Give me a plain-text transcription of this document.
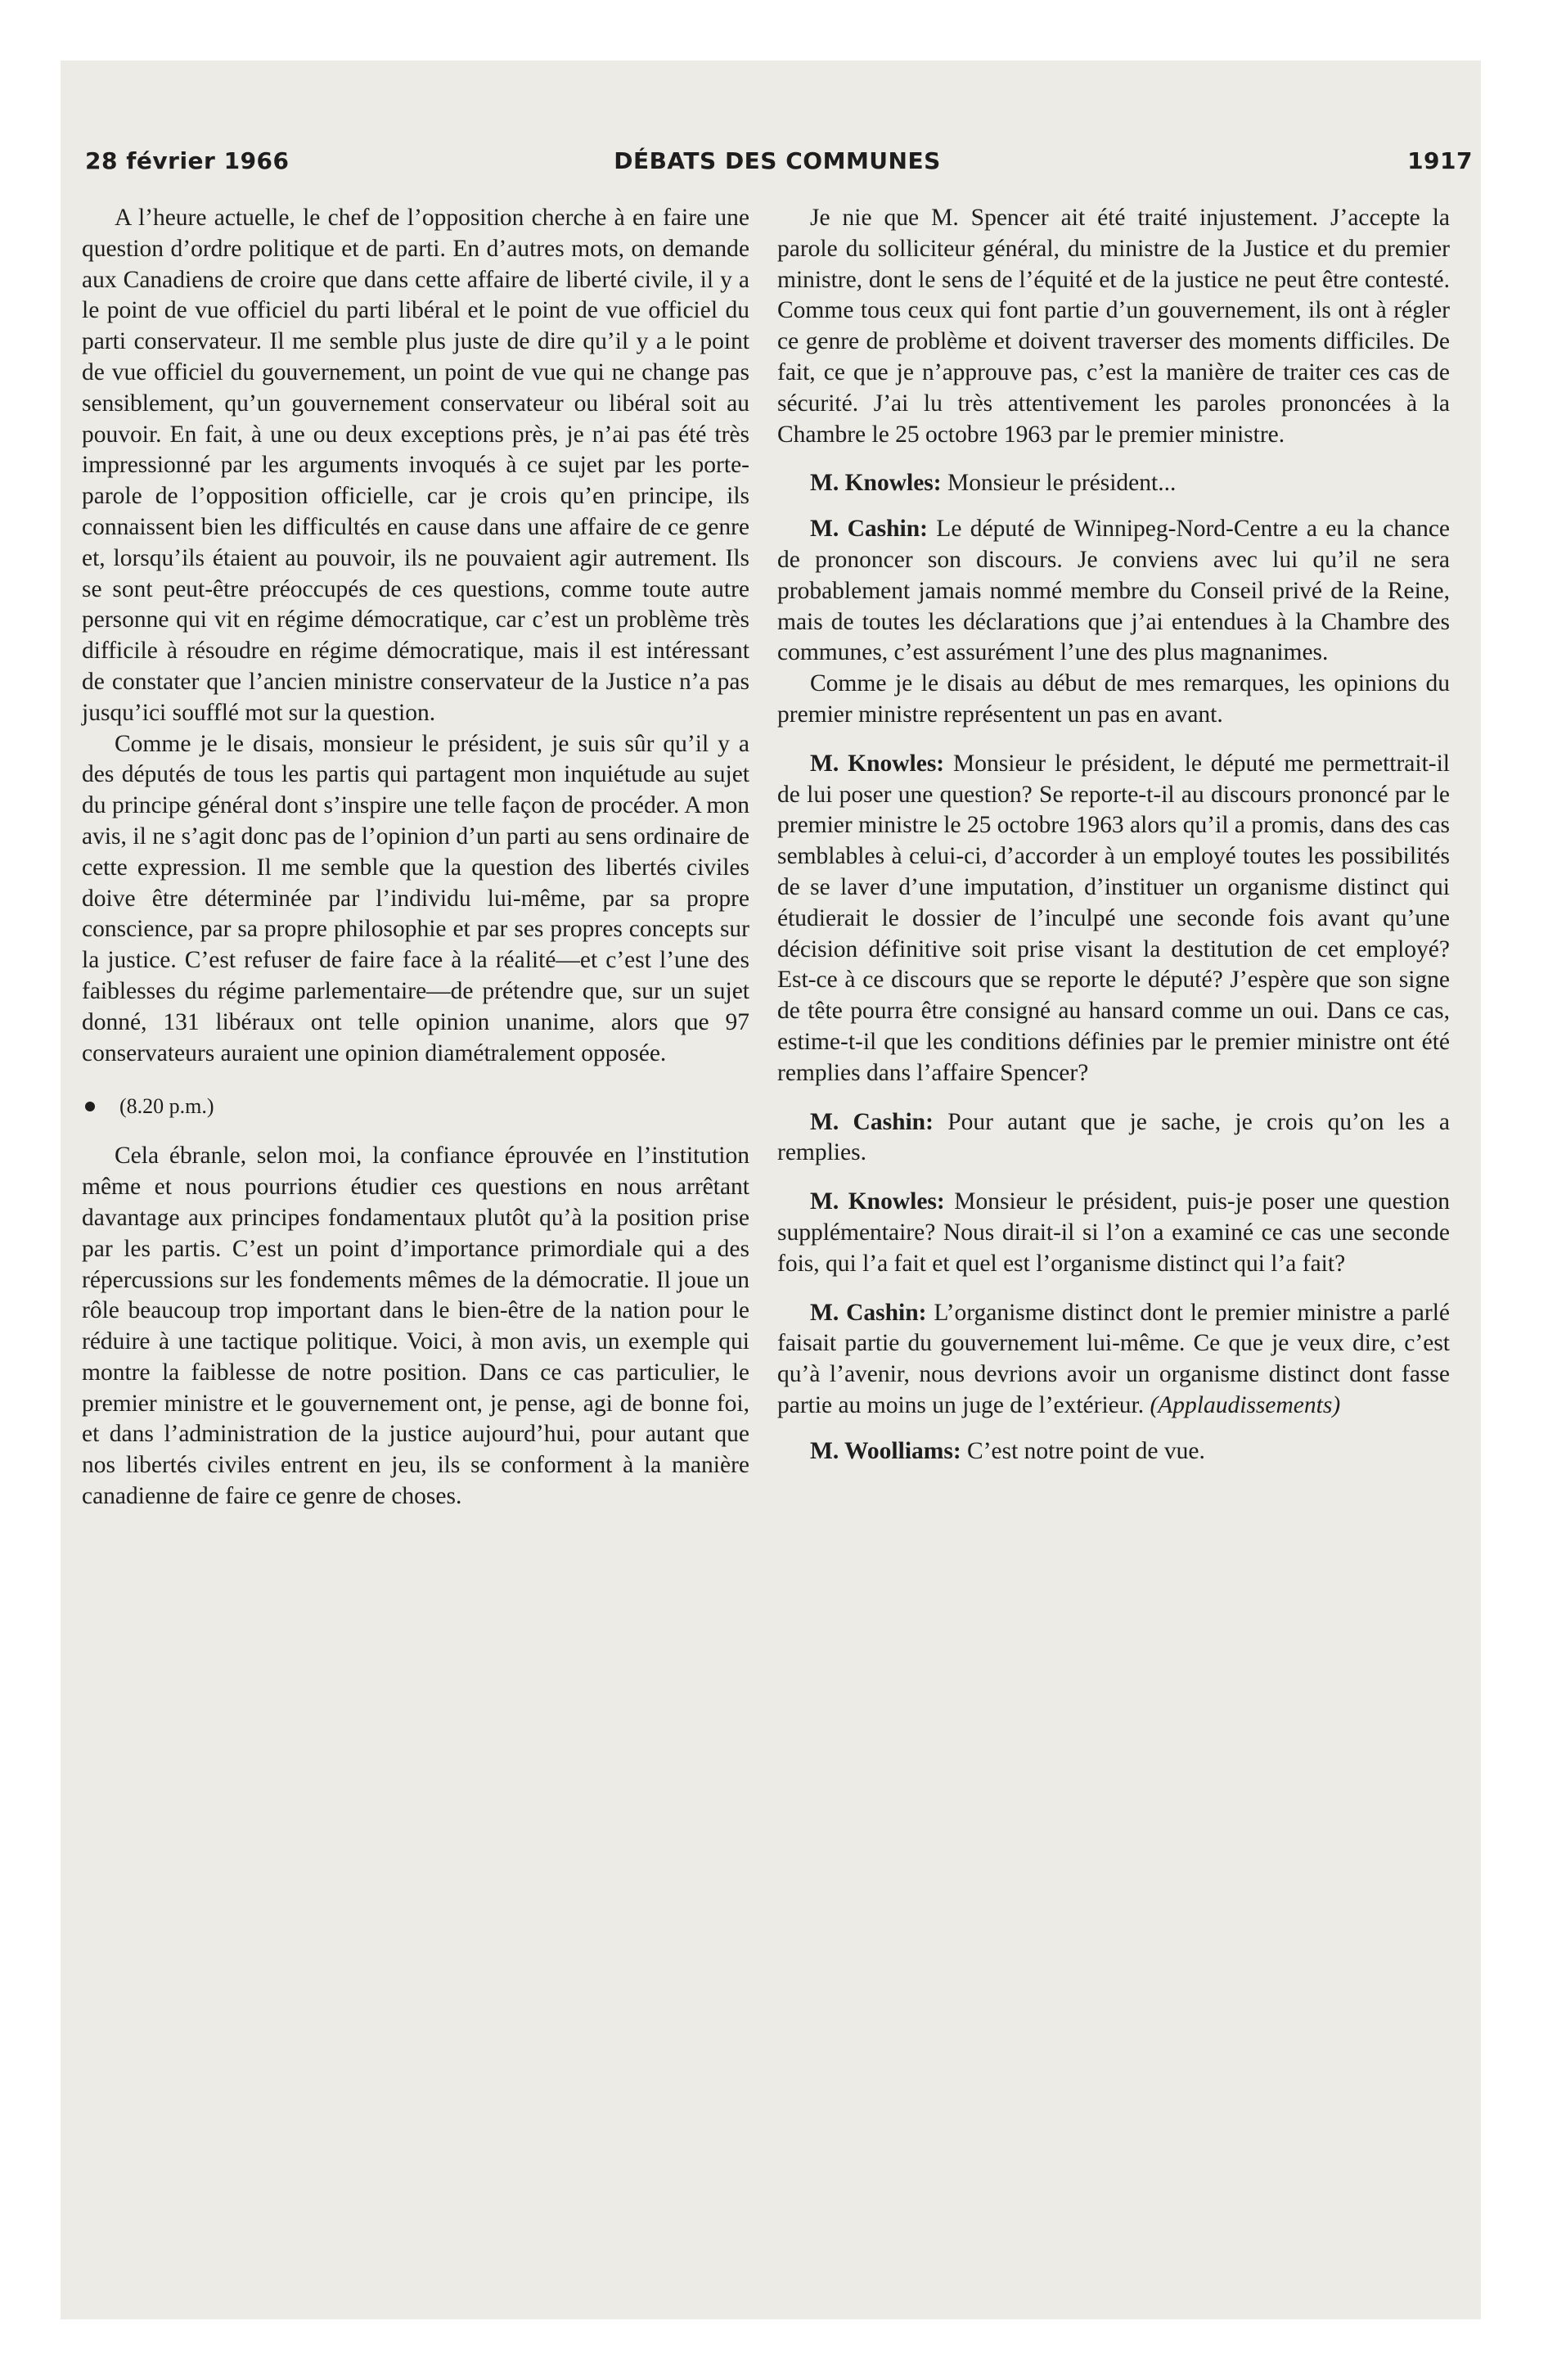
28 février 1966	DÉBATS DES COMMUNES	1917

A l’heure actuelle, le chef de l’opposition cherche à en faire une question d’ordre politique et de parti. En d’autres mots, on demande aux Canadiens de croire que dans cette affaire de liberté civile, il y a le point de vue officiel du parti libéral et le point de vue officiel du parti conservateur. Il me semble plus juste de dire qu’il y a le point de vue officiel du gouvernement, un point de vue qui ne change pas sensiblement, qu’un gouvernement conservateur ou libéral soit au pouvoir. En fait, à une ou deux exceptions près, je n’ai pas été très impressionné par les arguments invoqués à ce sujet par les porte-parole de l’opposition officielle, car je crois qu’en principe, ils connaissent bien les difficultés en cause dans une affaire de ce genre et, lorsqu’ils étaient au pouvoir, ils ne pouvaient agir autrement. Ils se sont peut-être préoccupés de ces questions, comme toute autre personne qui vit en régime démocratique, car c’est un problème très difficile à résoudre en régime démocratique, mais il est intéressant de constater que l’ancien ministre conservateur de la Justice n’a pas jusqu’ici soufflé mot sur la question.

Comme je le disais, monsieur le président, je suis sûr qu’il y a des députés de tous les partis qui partagent mon inquiétude au sujet du principe général dont s’inspire une telle façon de procéder. A mon avis, il ne s’agit donc pas de l’opinion d’un parti au sens ordinaire de cette expression. Il me semble que la question des libertés civiles doive être déterminée par l’individu lui-même, par sa propre conscience, par sa propre philosophie et par ses propres concepts sur la justice. C’est refuser de faire face à la réalité—et c’est l’une des faiblesses du régime parlementaire—de prétendre que, sur un sujet donné, 131 libéraux ont telle opinion unanime, alors que 97 conservateurs auraient une opinion diamétralement opposée.

(8.20 p.m.)

Cela ébranle, selon moi, la confiance éprouvée en l’institution même et nous pourrions étudier ces questions en nous arrêtant davantage aux principes fondamentaux plutôt qu’à la position prise par les partis. C’est un point d’importance primordiale qui a des répercussions sur les fondements mêmes de la démocratie. Il joue un rôle beaucoup trop important dans le bien-être de la nation pour le réduire à une tactique politique. Voici, à mon avis, un exemple qui montre la faiblesse de notre position. Dans ce cas particulier, le premier ministre et le gouvernement ont, je pense, agi de bonne foi, et dans l’administration de la justice aujourd’hui, pour autant que nos libertés civiles entrent en jeu, ils se conforment à la manière canadienne de faire ce genre de choses.

Je nie que M. Spencer ait été traité injustement. J’accepte la parole du solliciteur général, du ministre de la Justice et du premier ministre, dont le sens de l’équité et de la justice ne peut être contesté. Comme tous ceux qui font partie d’un gouvernement, ils ont à régler ce genre de problème et doivent traverser des moments difficiles. De fait, ce que je n’approuve pas, c’est la manière de traiter ces cas de sécurité. J’ai lu très attentivement les paroles prononcées à la Chambre le 25 octobre 1963 par le premier ministre.

M. Knowles: Monsieur le président...

M. Cashin: Le député de Winnipeg-Nord-Centre a eu la chance de prononcer son discours. Je conviens avec lui qu’il ne sera probablement jamais nommé membre du Conseil privé de la Reine, mais de toutes les déclarations que j’ai entendues à la Chambre des communes, c’est assurément l’une des plus magnanimes.

Comme je le disais au début de mes remarques, les opinions du premier ministre représentent un pas en avant.

M. Knowles: Monsieur le président, le député me permettrait-il de lui poser une question? Se reporte-t-il au discours prononcé par le premier ministre le 25 octobre 1963 alors qu’il a promis, dans des cas semblables à celui-ci, d’accorder à un employé toutes les possibilités de se laver d’une imputation, d’instituer un organisme distinct qui étudierait le dossier de l’inculpé une seconde fois avant qu’une décision définitive soit prise visant la destitution de cet employé? Est-ce à ce discours que se reporte le député? J’espère que son signe de tête pourra être consigné au hansard comme un oui. Dans ce cas, estime-t-il que les conditions définies par le premier ministre ont été remplies dans l’affaire Spencer?

M. Cashin: Pour autant que je sache, je crois qu’on les a remplies.

M. Knowles: Monsieur le président, puis-je poser une question supplémentaire? Nous dirait-il si l’on a examiné ce cas une seconde fois, qui l’a fait et quel est l’organisme distinct qui l’a fait?

M. Cashin: L’organisme distinct dont le premier ministre a parlé faisait partie du gouvernement lui-même. Ce que je veux dire, c’est qu’à l’avenir, nous devrions avoir un organisme distinct dont fasse partie au moins un juge de l’extérieur. (Applaudissements)

M. Woolliams: C’est notre point de vue.
